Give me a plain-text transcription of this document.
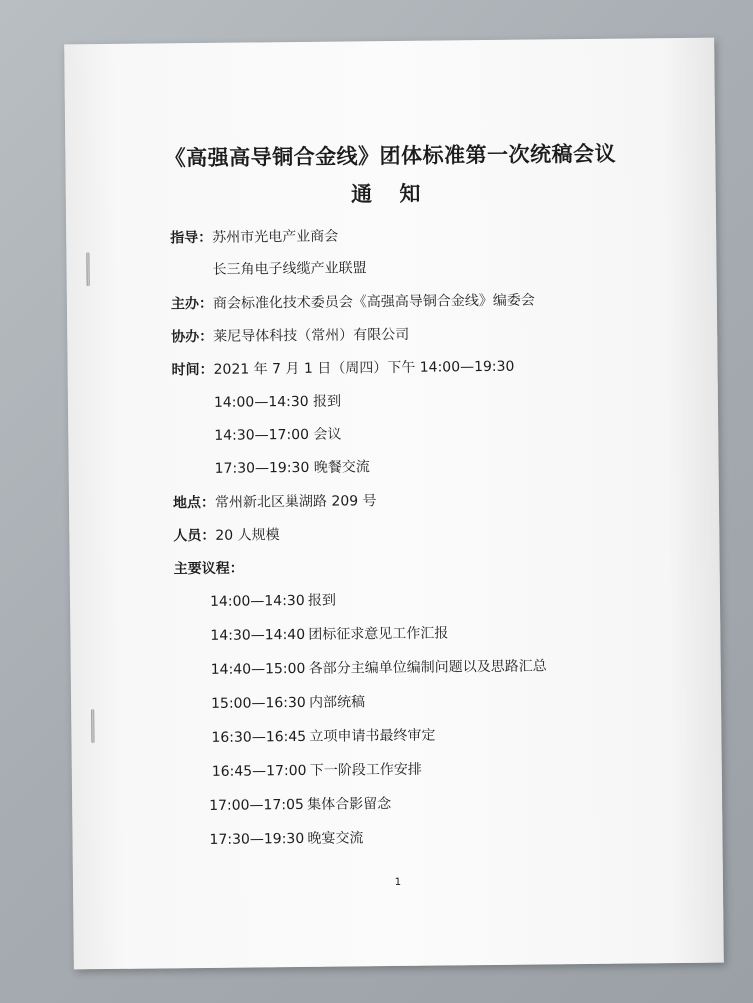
《高强高导铜合金线》团体标准第一次统稿会议
通 知
指导：苏州市光电产业商会
长三角电子线缆产业联盟
主办：商会标准化技术委员会《高强高导铜合金线》编委会
协办：莱尼导体科技（常州）有限公司
时间：2021 年 7 月 1 日（周四）下午 14:00—19:30
14:00—14:30 报到
14:30—17:00 会议
17:30—19:30 晚餐交流
地点：常州新北区巢湖路 209 号
人员：20 人规模
主要议程：
14:00—14:30 报到
14:30—14:40 团标征求意见工作汇报
14:40—15:00 各部分主编单位编制问题以及思路汇总
15:00—16:30 内部统稿
16:30—16:45 立项申请书最终审定
16:45—17:00 下一阶段工作安排
17:00—17:05 集体合影留念
17:30—19:30 晚宴交流
1
